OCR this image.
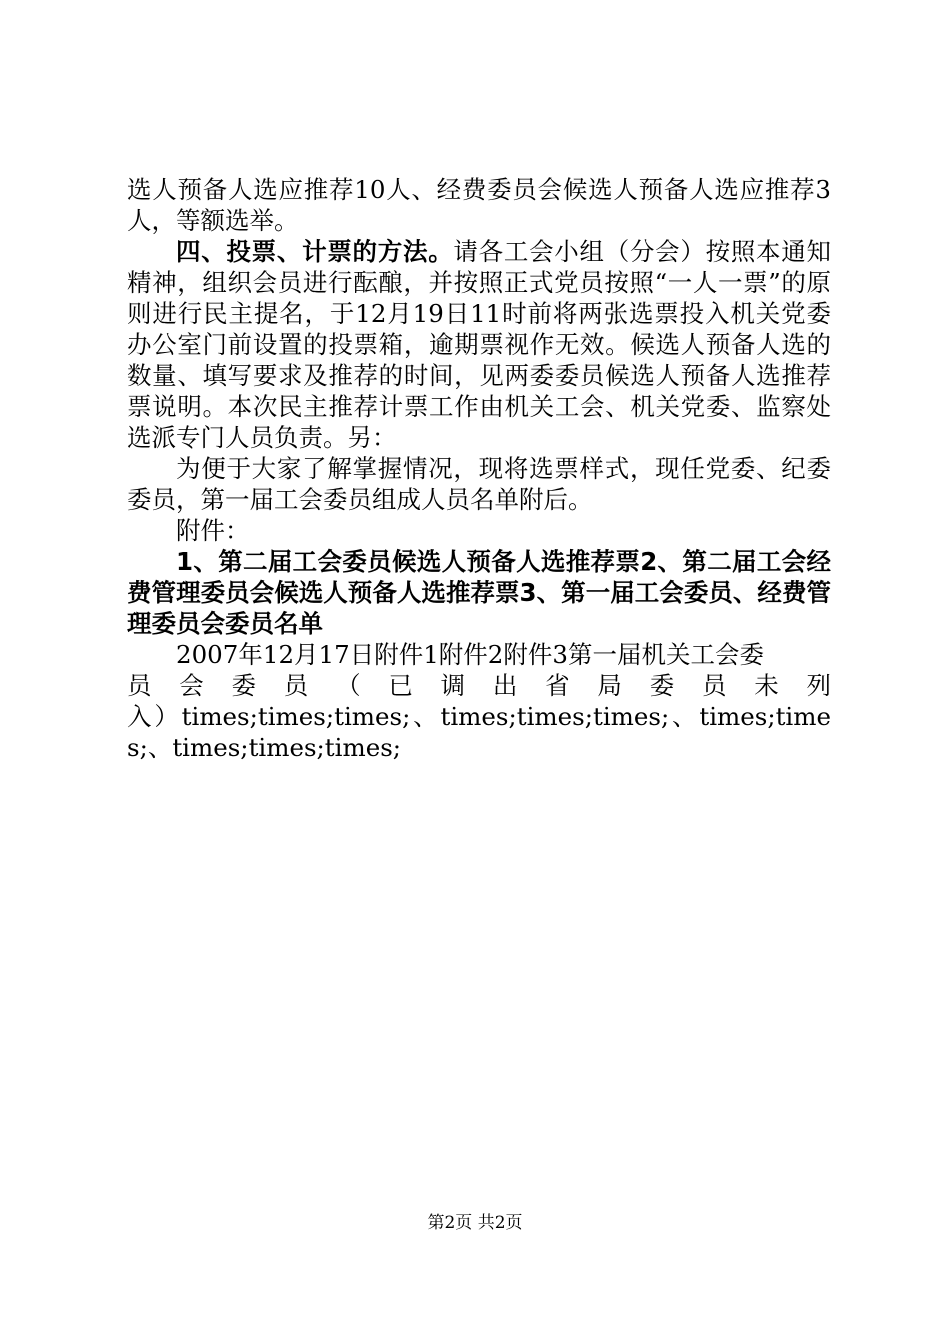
选人预备人选应推荐10人、经费委员会候选人预备人选应推荐3人，等额选举。

四、投票、计票的方法。请各工会小组（分会）按照本通知精神，组织会员进行酝酿，并按照正式党员按照“一人一票”的原则进行民主提名，于12月19日11时前将两张选票投入机关党委办公室门前设置的投票箱，逾期票视作无效。候选人预备人选的数量、填写要求及推荐的时间，见两委委员候选人预备人选推荐票说明。本次民主推荐计票工作由机关工会、机关党委、监察处选派专门人员负责。另：

为便于大家了解掌握情况，现将选票样式，现任党委、纪委委员，第一届工会委员组成人员名单附后。

附件：

1、第二届工会委员候选人预备人选推荐票2、第二届工会经费管理委员会候选人预备人选推荐票3、第一届工会委员、经费管理委员会委员名单

2007年12月17日附件1附件2附件3第一届机关工会委

员会委员（已调出省局委员未列

入）times;times;times;、times;times;times;、times;times;、times;times;times;

第2页 共2页
